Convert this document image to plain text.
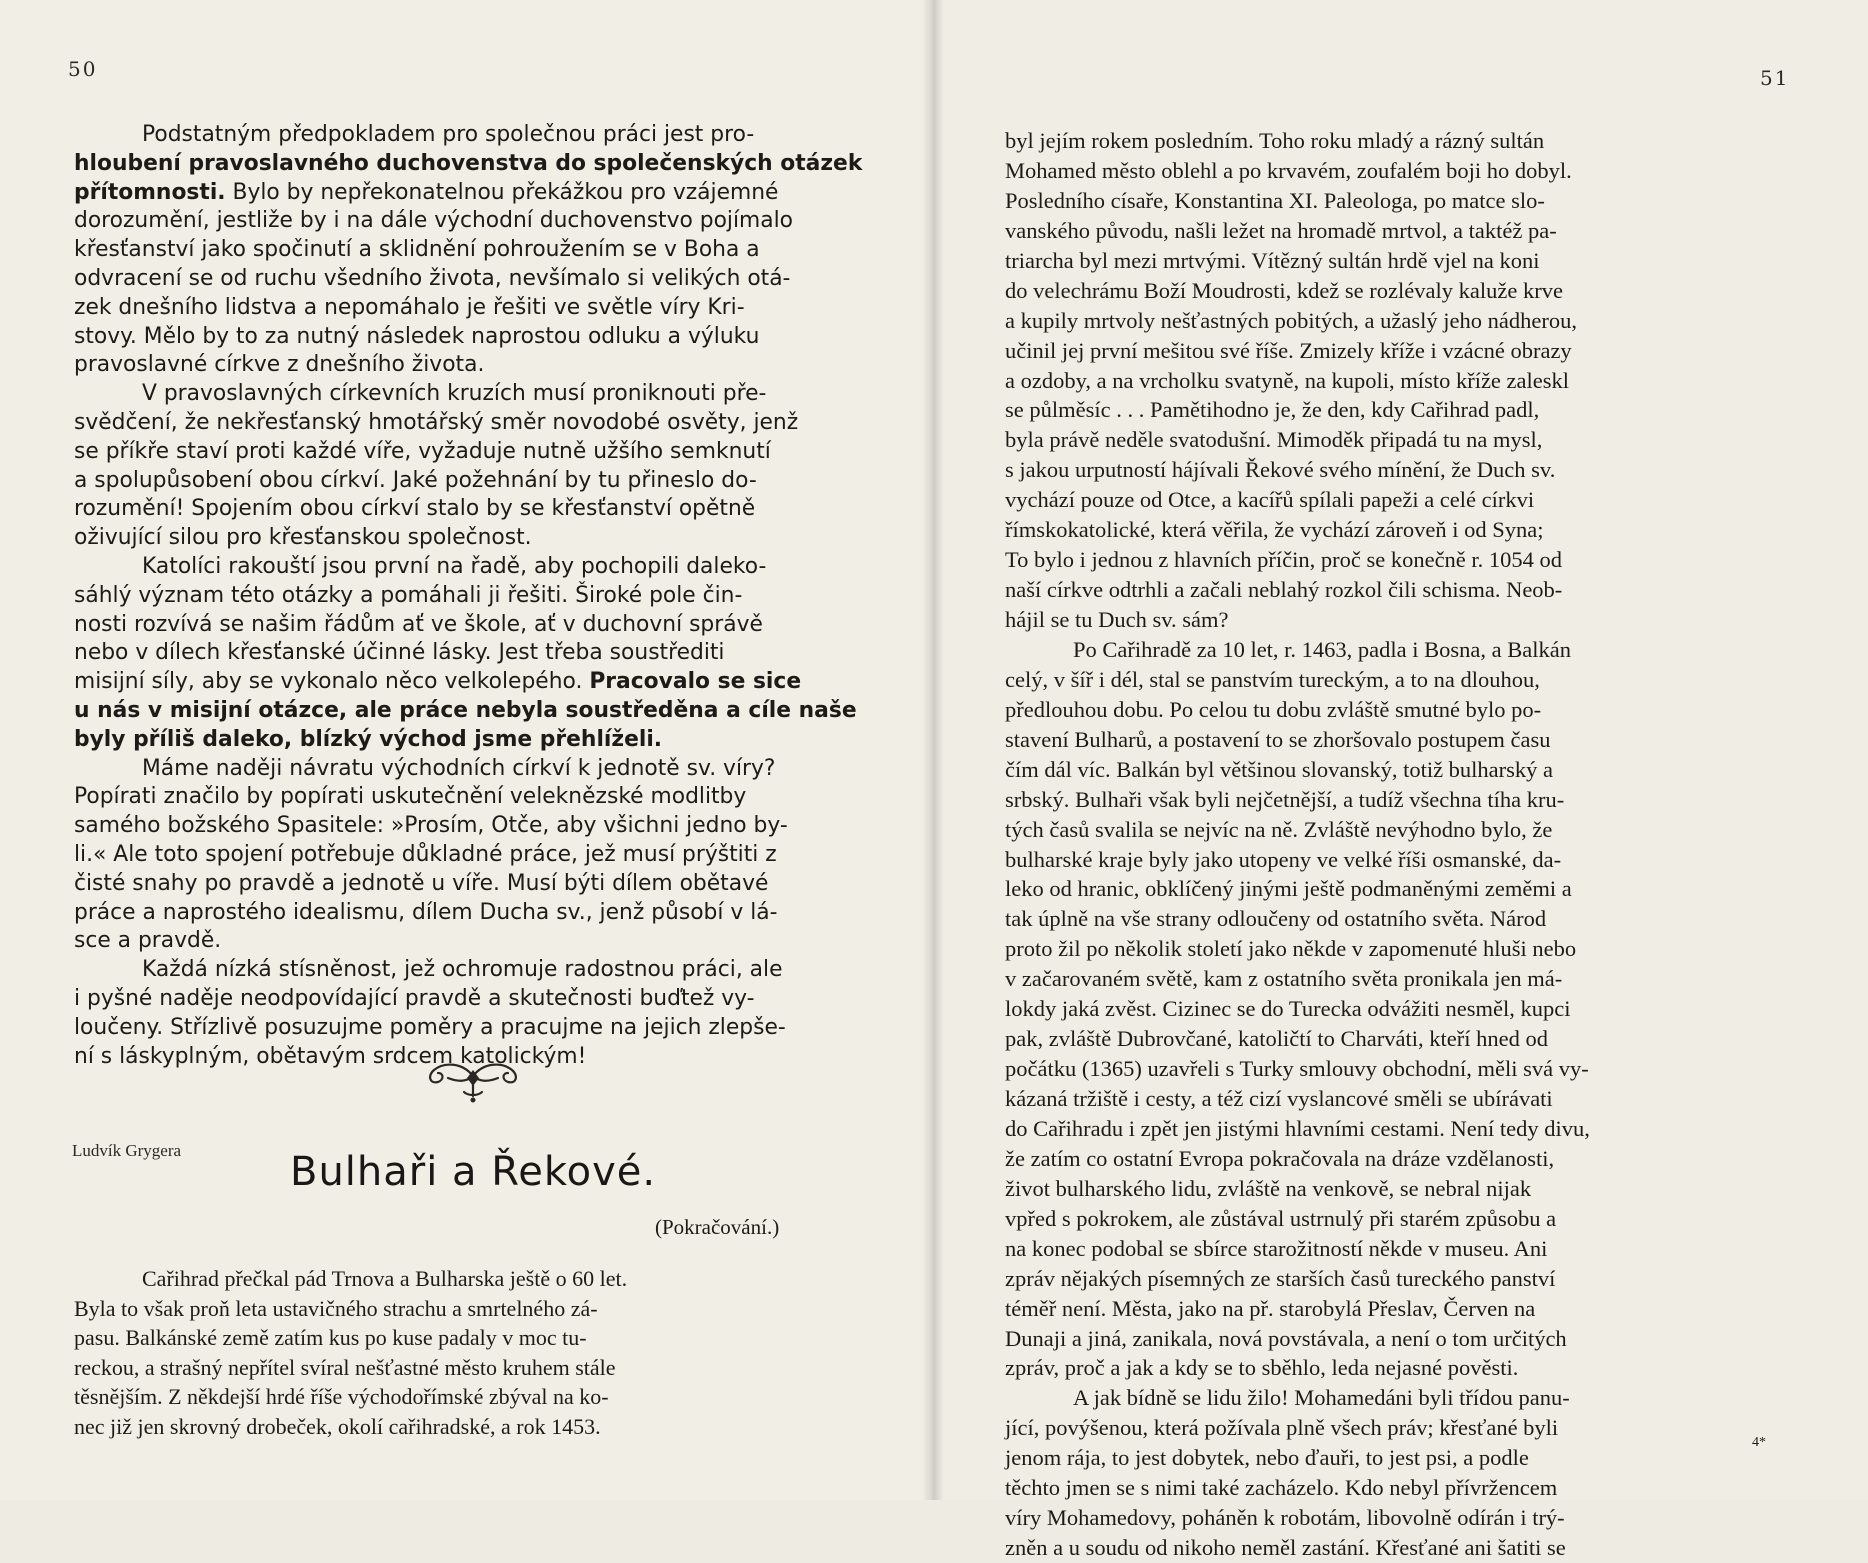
50
Podstatným předpokladem pro společnou práci jest pro-
hloubení pravoslavného duchovenstva do společenských otázek
přítomnosti. Bylo by nepřekonatelnou překážkou pro vzájemné
dorozumění, jestliže by i na dále východní duchovenstvo pojímalo
křesťanství jako spočinutí a sklidnění pohroužením se v Boha a
odvracení se od ruchu všedního života, nevšímalo si velikých otá-
zek dnešního lidstva a nepomáhalo je řešiti ve světle víry Kri-
stovy. Mělo by to za nutný následek naprostou odluku a výluku
pravoslavné církve z dnešního života.
V pravoslavných církevních kruzích musí proniknouti pře-
svědčení, že nekřesťanský hmotářský směr novodobé osvěty, jenž
se příkře staví proti každé víře, vyžaduje nutně užšího semknutí
a spolupůsobení obou církví. Jaké požehnání by tu přineslo do-
rozumění! Spojením obou církví stalo by se křesťanství opětně
oživující silou pro křesťanskou společnost.
Katolíci rakouští jsou první na řadě, aby pochopili daleko-
sáhlý význam této otázky a pomáhali ji řešiti. Široké pole čin-
nosti rozvívá se našim řádům ať ve škole, ať v duchovní správě
nebo v dílech křesťanské účinné lásky. Jest třeba soustřediti
misijní síly, aby se vykonalo něco velkolepého. Pracovalo se sice
u nás v misijní otázce, ale práce nebyla soustředěna a cíle naše
byly příliš daleko, blízký východ jsme přehlíželi.
Máme naději návratu východních církví k jednotě sv. víry?
Popírati značilo by popírati uskutečnění veleknězské modlitby
samého božského Spasitele: »Prosím, Otče, aby všichni jedno by-
li.« Ale toto spojení potřebuje důkladné práce, jež musí prýštiti z
čisté snahy po pravdě a jednotě u víře. Musí býti dílem obětavé
práce a naprostého idealismu, dílem Ducha sv., jenž působí v lá-
sce a pravdě.
Každá nízká stísněnost, jež ochromuje radostnou práci, ale
i pyšné naděje neodpovídající pravdě a skutečnosti buďtež vy-
loučeny. Střízlivě posuzujme poměry a pracujme na jejich zlepše-
ní s láskyplným, obětavým srdcem katolickým!
Ludvík Grygera	Bulhaři a Řekové.
(Pokračování.)
Cařihrad přečkal pád Trnova a Bulharska ještě o 60 let.
Byla to však proň leta ustavičného strachu a smrtelného zá-
pasu. Balkánské země zatím kus po kuse padaly v moc tu-
reckou, a strašný nepřítel svíral nešťastné město kruhem stále
těsnějším. Z někdejší hrdé říše východořímské zbýval na ko-
nec již jen skrovný drobeček, okolí cařihradské, a rok 1453.
51
byl jejím rokem posledním. Toho roku mladý a rázný sultán
Mohamed město oblehl a po krvavém, zoufalém boji ho dobyl.
Posledního císaře, Konstantina XI. Paleologa, po matce slo-
vanského původu, našli ležet na hromadě mrtvol, a taktéž pa-
triarcha byl mezi mrtvými. Vítězný sultán hrdě vjel na koni
do velechrámu Boží Moudrosti, kdež se rozlévaly kaluže krve
a kupily mrtvoly nešťastných pobitých, a užaslý jeho nádherou,
učinil jej první mešitou své říše. Zmizely kříže i vzácné obrazy
a ozdoby, a na vrcholku svatyně, na kupoli, místo kříže zaleskl
se půlměsíc . . . Pamětihodno je, že den, kdy Cařihrad padl,
byla právě neděle svatodušní. Mimoděk připadá tu na mysl,
s jakou urputností hájívali Řekové svého mínění, že Duch sv.
vychází pouze od Otce, a kacířů spílali papeži a celé církvi
římskokatolické, která věřila, že vychází zároveň i od Syna;
To bylo i jednou z hlavních příčin, proč se konečně r. 1054 od
naší církve odtrhli a začali neblahý rozkol čili schisma. Neob-
hájil se tu Duch sv. sám?
Po Cařihradě za 10 let, r. 1463, padla i Bosna, a Balkán
celý, v šíř i dél, stal se panstvím tureckým, a to na dlouhou,
předlouhou dobu. Po celou tu dobu zvláště smutné bylo po-
stavení Bulharů, a postavení to se zhoršovalo postupem času
čím dál víc. Balkán byl většinou slovanský, totiž bulharský a
srbský. Bulhaři však byli nejčetnější, a tudíž všechna tíha kru-
tých časů svalila se nejvíc na ně. Zvláště nevýhodno bylo, že
bulharské kraje byly jako utopeny ve velké říši osmanské, da-
leko od hranic, obklíčený jinými ještě podmaněnými zeměmi a
tak úplně na vše strany odloučeny od ostatního světa. Národ
proto žil po několik století jako někde v zapomenuté hluši nebo
v začarovaném světě, kam z ostatního světa pronikala jen má-
lokdy jaká zvěst. Cizinec se do Turecka odvážiti nesměl, kupci
pak, zvláště Dubrovčané, katoličtí to Charváti, kteří hned od
počátku (1365) uzavřeli s Turky smlouvy obchodní, měli svá vy-
kázaná tržiště i cesty, a též cizí vyslancové směli se ubírávati
do Cařihradu i zpět jen jistými hlavními cestami. Není tedy divu,
že zatím co ostatní Evropa pokračovala na dráze vzdělanosti,
život bulharského lidu, zvláště na venkově, se nebral nijak
vpřed s pokrokem, ale zůstával ustrnulý při starém způsobu a
na konec podobal se sbírce starožitností někde v museu. Ani
zpráv nějakých písemných ze starších časů tureckého panství
téměř není. Města, jako na př. starobylá Přeslav, Červen na
Dunaji a jiná, zanikala, nová povstávala, a není o tom určitých
zpráv, proč a jak a kdy se to sběhlo, leda nejasné pověsti.
A jak bídně se lidu žilo! Mohamedáni byli třídou panu-
jící, povýšenou, která požívala plně všech práv; křesťané byli
jenom rája, to jest dobytek, nebo ďauři, to jest psi, a podle
těchto jmen se s nimi také zacházelo. Kdo nebyl přívržencem
víry Mohamedovy, poháněn k robotám, libovolně odírán i trý-
zněn a u soudu od nikoho neměl zastání. Křesťané ani šatiti se
4*
